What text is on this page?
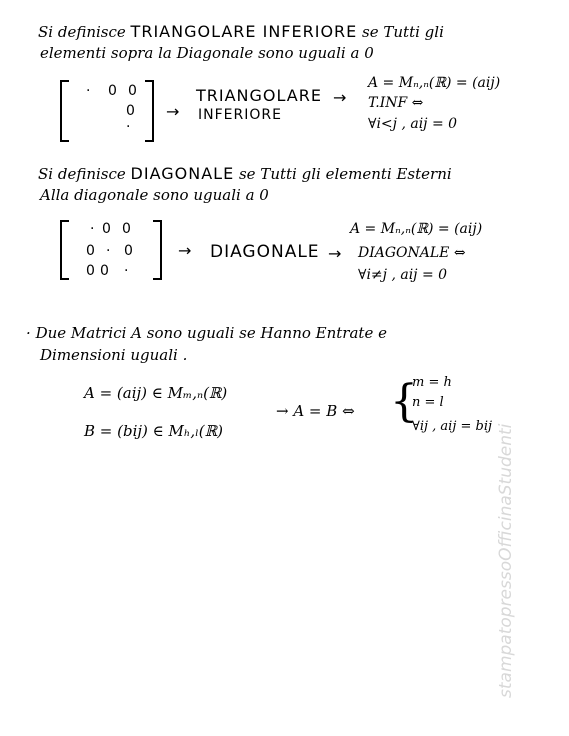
Si definisce TRIANGOLARE INFERIORE se Tutti gli
elementi sopra la Diagonale sono uguali a 0
· 0 0
0
·
→
TRIANGOLARE
INFERIORE
→
A = Mₙ,ₙ(ℝ) = (aij)
T.INF ⇔
∀i<j , aij = 0
Si definisce DIAGONALE se Tutti gli elementi Esterni
Alla diagonale sono uguali a 0
· 0 0
0 · 0
0 0 ·
→ DIAGONALE →
A = Mₙ,ₙ(ℝ) = (aij)
DIAGONALE ⇔
∀i≠j , aij = 0
· Due Matrici A sono uguali se Hanno Entrate e
Dimensioni uguali .
A = (aij) ∈ Mₘ,ₙ(ℝ)
B = (bij) ∈ Mₕ,ₗ(ℝ)
→ A = B ⇔ {
m = h
n = l
∀ij , aij = bij stampatopressoOfficinaStudenti
